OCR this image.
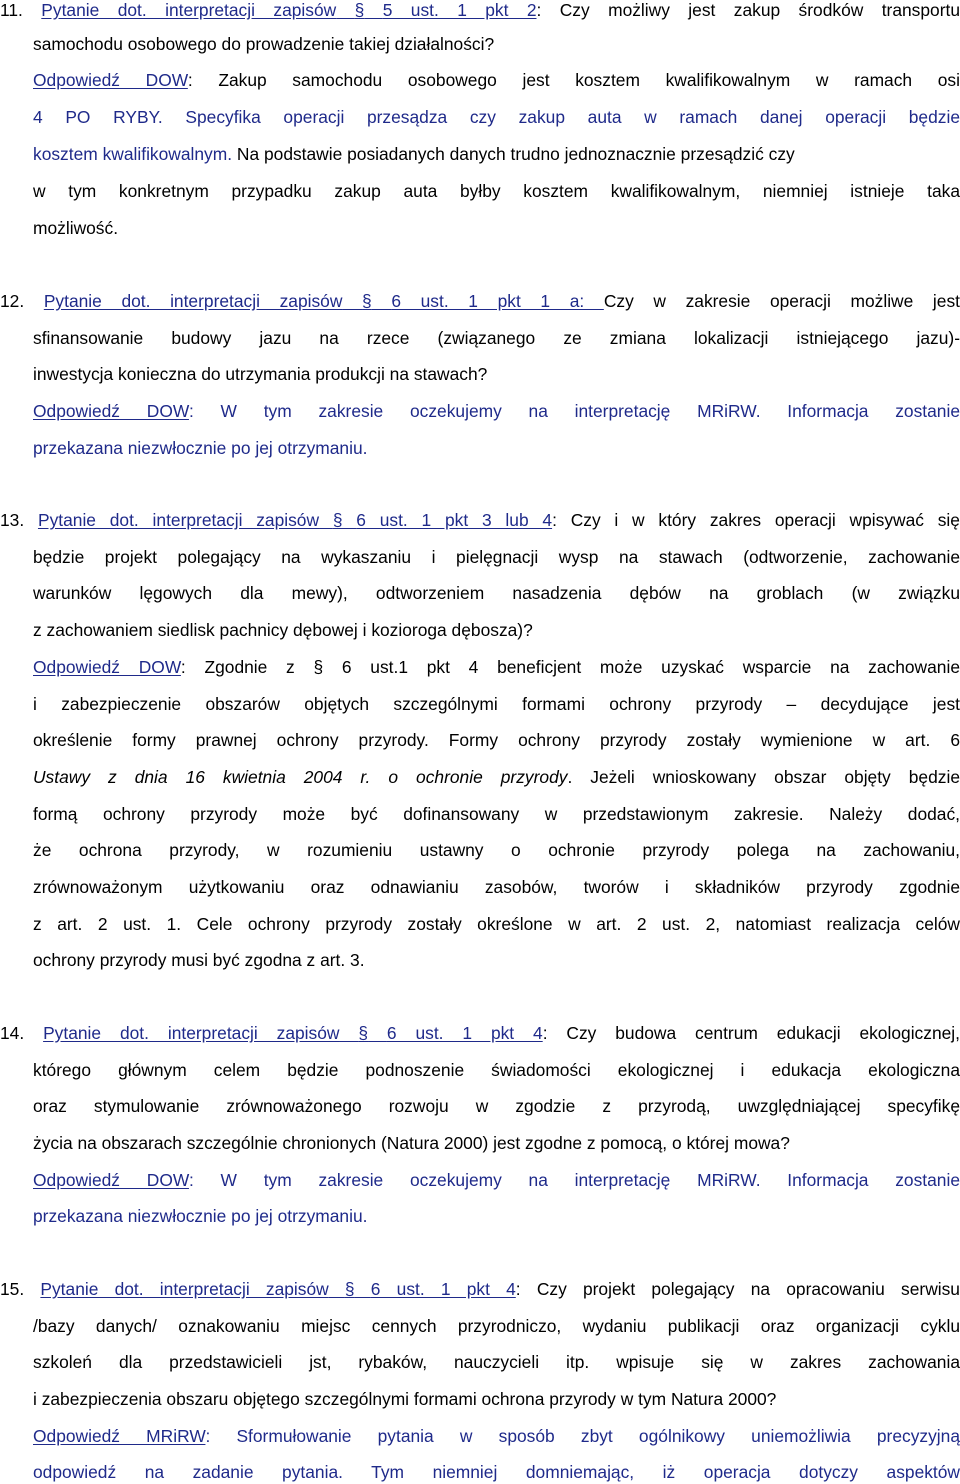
11. Pytanie dot. interpretacji zapisów § 5 ust. 1 pkt 2: Czy możliwy jest zakup środków transportu
samochodu osobowego do prowadzenie takiej działalności?
Odpowiedź DOW: Zakup samochodu osobowego jest kosztem kwalifikowalnym w ramach osi
4 PO RYBY. Specyfika operacji przesądza czy zakup auta w ramach danej operacji będzie
kosztem kwalifikowalnym. Na podstawie posiadanych danych trudno jednoznacznie przesądzić czy
w tym konkretnym przypadku zakup auta byłby kosztem kwalifikowalnym, niemniej istnieje taka
możliwość.
12. Pytanie dot. interpretacji zapisów § 6 ust. 1 pkt 1 a: Czy w zakresie operacji możliwe jest
sfinansowanie budowy jazu na rzece (związanego ze zmiana lokalizacji istniejącego jazu)-
inwestycja konieczna do utrzymania produkcji na stawach?
Odpowiedź DOW: W tym zakresie oczekujemy na interpretację MRiRW. Informacja zostanie
przekazana niezwłocznie po jej otrzymaniu.
13. Pytanie dot. interpretacji zapisów § 6 ust. 1 pkt 3 lub 4: Czy i w który zakres operacji wpisywać się
będzie projekt polegający na wykaszaniu i pielęgnacji wysp na stawach (odtworzenie, zachowanie
warunków lęgowych dla mewy), odtworzeniem nasadzenia dębów na groblach (w związku
z zachowaniem siedlisk pachnicy dębowej i kozioroga dębosza)?
Odpowiedź DOW: Zgodnie z § 6 ust.1 pkt 4 beneficjent może uzyskać wsparcie na zachowanie
i zabezpieczenie obszarów objętych szczególnymi formami ochrony przyrody – decydujące jest
określenie formy prawnej ochrony przyrody. Formy ochrony przyrody zostały wymienione w art. 6
Ustawy z dnia 16 kwietnia 2004 r. o ochronie przyrody. Jeżeli wnioskowany obszar objęty będzie
formą ochrony przyrody może być dofinansowany w przedstawionym zakresie. Należy dodać,
że ochrona przyrody, w rozumieniu ustawny o ochronie przyrody polega na zachowaniu,
zrównoważonym użytkowaniu oraz odnawianiu zasobów, tworów i składników przyrody zgodnie
z art. 2 ust. 1. Cele ochrony przyrody zostały określone w art. 2 ust. 2, natomiast realizacja celów
ochrony przyrody musi być zgodna z art. 3.
14. Pytanie dot. interpretacji zapisów § 6 ust. 1 pkt 4: Czy budowa centrum edukacji ekologicznej,
którego głównym celem będzie podnoszenie świadomości ekologicznej i edukacja ekologiczna
oraz stymulowanie zrównoważonego rozwoju w zgodzie z przyrodą, uwzględniającej specyfikę
życia na obszarach szczególnie chronionych (Natura 2000) jest zgodne z pomocą, o której mowa?
Odpowiedź DOW: W tym zakresie oczekujemy na interpretację MRiRW. Informacja zostanie
przekazana niezwłocznie po jej otrzymaniu.
15. Pytanie dot. interpretacji zapisów § 6 ust. 1 pkt 4: Czy projekt polegający na opracowaniu serwisu
/bazy danych/ oznakowaniu miejsc cennych przyrodniczo, wydaniu publikacji oraz organizacji cyklu
szkoleń dla przedstawicieli jst, rybaków, nauczycieli itp. wpisuje się w zakres zachowania
i zabezpieczenia obszaru objętego szczególnymi formami ochrona przyrody w tym Natura 2000?
Odpowiedź MRiRW: Sformułowanie pytania w sposób zbyt ogólnikowy uniemożliwia precyzyjną
odpowiedź na zadanie pytania. Tym niemniej domniemając, iż operacja dotyczy aspektów
